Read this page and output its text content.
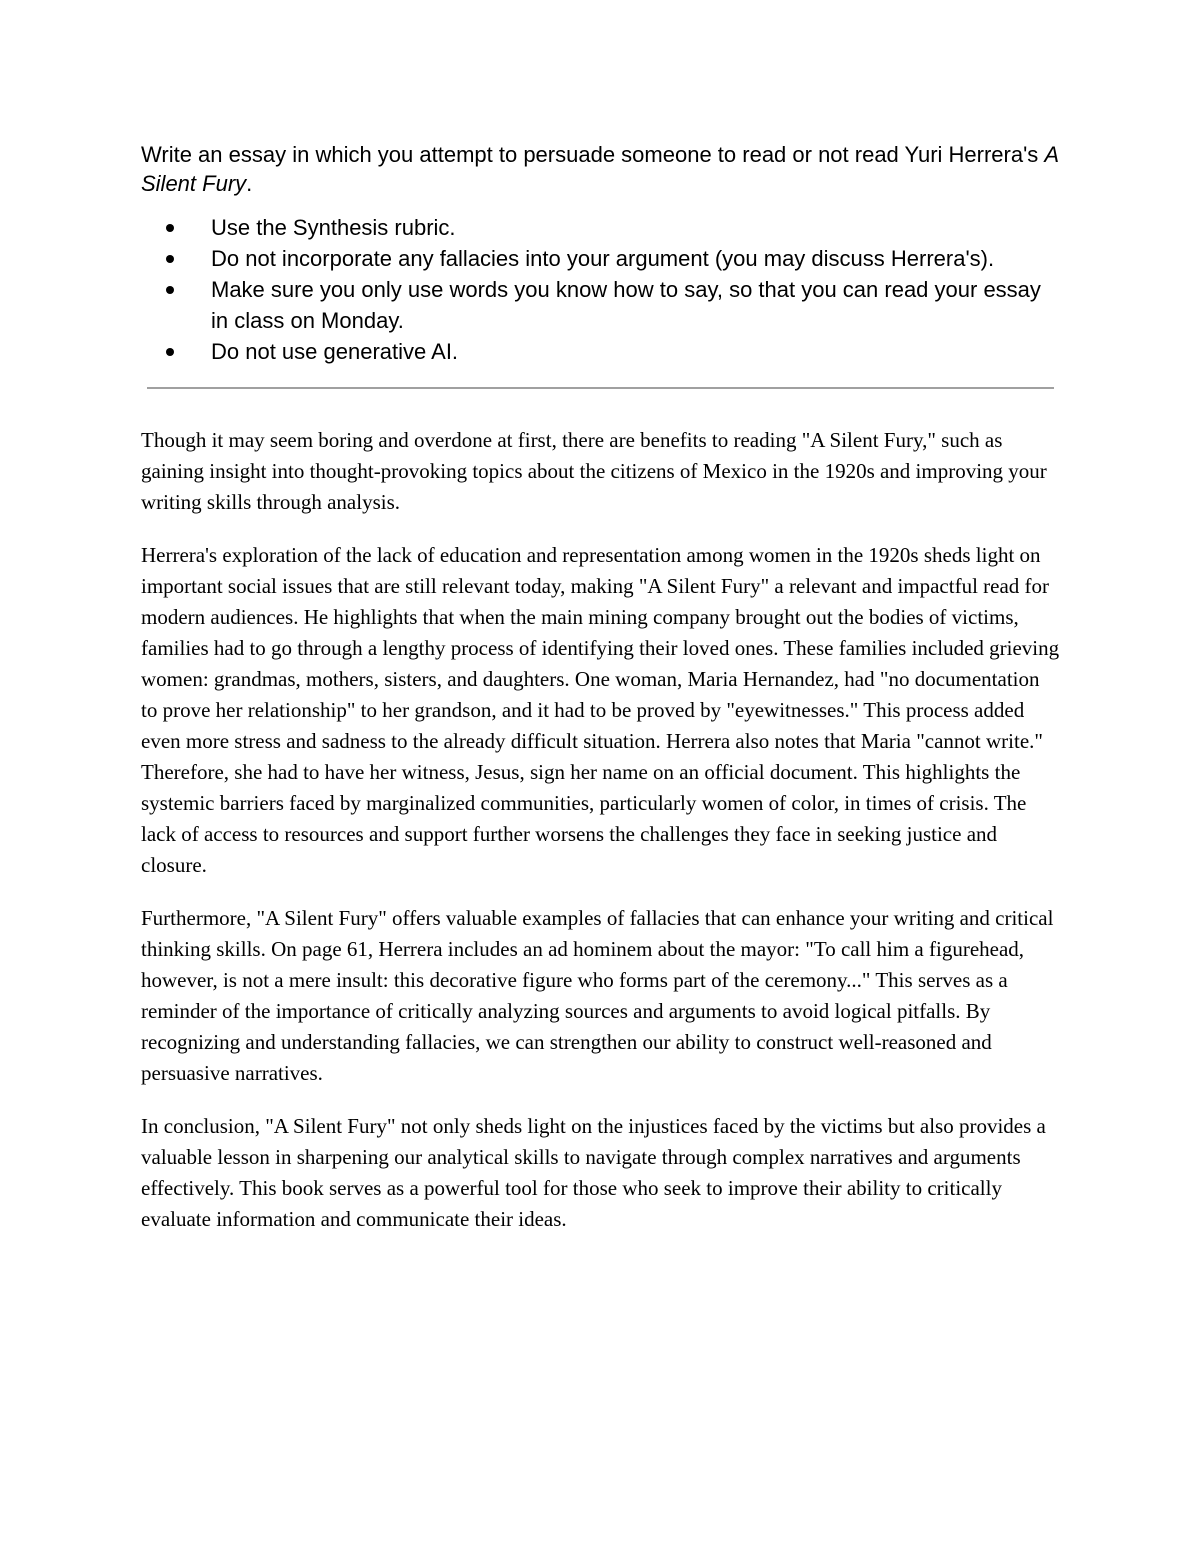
Write an essay in which you attempt to persuade someone to read or not read Yuri Herrera's A Silent Fury.

Use the Synthesis rubric.
Do not incorporate any fallacies into your argument (you may discuss Herrera's).
Make sure you only use words you know how to say, so that you can read your essay in class on Monday.
Do not use generative AI.

Though it may seem boring and overdone at first, there are benefits to reading "A Silent Fury," such as gaining insight into thought-provoking topics about the citizens of Mexico in the 1920s and improving your writing skills through analysis.

Herrera's exploration of the lack of education and representation among women in the 1920s sheds light on important social issues that are still relevant today, making "A Silent Fury" a relevant and impactful read for modern audiences. He highlights that when the main mining company brought out the bodies of victims, families had to go through a lengthy process of identifying their loved ones. These families included grieving women: grandmas, mothers, sisters, and daughters. One woman, Maria Hernandez, had "no documentation to prove her relationship" to her grandson, and it had to be proved by "eyewitnesses." This process added even more stress and sadness to the already difficult situation. Herrera also notes that Maria "cannot write." Therefore, she had to have her witness, Jesus, sign her name on an official document. This highlights the systemic barriers faced by marginalized communities, particularly women of color, in times of crisis. The lack of access to resources and support further worsens the challenges they face in seeking justice and closure.

Furthermore, "A Silent Fury" offers valuable examples of fallacies that can enhance your writing and critical thinking skills. On page 61, Herrera includes an ad hominem about the mayor: "To call him a figurehead, however, is not a mere insult: this decorative figure who forms part of the ceremony..." This serves as a reminder of the importance of critically analyzing sources and arguments to avoid logical pitfalls. By recognizing and understanding fallacies, we can strengthen our ability to construct well-reasoned and persuasive narratives.

In conclusion, "A Silent Fury" not only sheds light on the injustices faced by the victims but also provides a valuable lesson in sharpening our analytical skills to navigate through complex narratives and arguments effectively. This book serves as a powerful tool for those who seek to improve their ability to critically evaluate information and communicate their ideas.
